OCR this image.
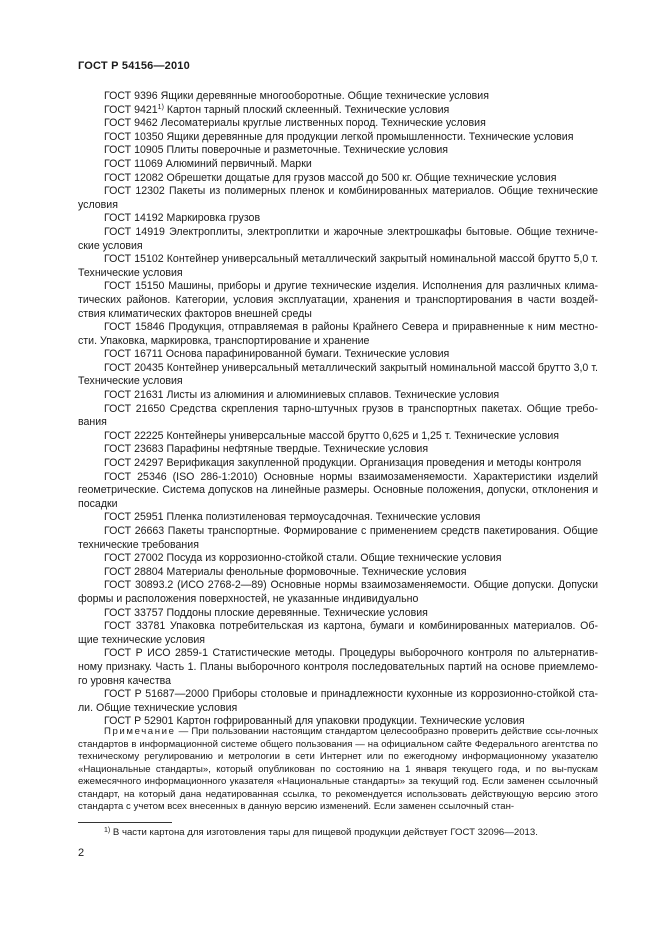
ГОСТ Р 54156—2010
ГОСТ 9396 Ящики деревянные многооборотные. Общие технические условия
ГОСТ 9421$^{1)}$ Картон тарный плоский склеенный. Технические условия
ГОСТ 9462 Лесоматериалы круглые лиственных пород. Технические условия
ГОСТ 10350 Ящики деревянные для продукции легкой промышленности. Технические условия
ГОСТ 10905 Плиты поверочные и разметочные. Технические условия
ГОСТ 11069 Алюминий первичный. Марки
ГОСТ 12082 Обрешетки дощатые для грузов массой до 500 кг. Общие технические условия
ГОСТ 12302 Пакеты из полимерных пленок и комбинированных материалов. Общие технические условия
ГОСТ 14192 Маркировка грузов
ГОСТ 14919 Электроплиты, электроплитки и жарочные электрошкафы бытовые. Общие техниче-ские условия
ГОСТ 15102 Контейнер универсальный металлический закрытый номинальной массой брутто 5,0 т. Технические условия
ГОСТ 15150 Машины, приборы и другие технические изделия. Исполнения для различных клима-тических районов. Категории, условия эксплуатации, хранения и транспортирования в части воздей-ствия климатических факторов внешней среды
ГОСТ 15846 Продукция, отправляемая в районы Крайнего Севера и приравненные к ним местно-сти. Упаковка, маркировка, транспортирование и хранение
ГОСТ 16711 Основа парафинированной бумаги. Технические условия
ГОСТ 20435 Контейнер универсальный металлический закрытый номинальной массой брутто 3,0 т. Технические условия
ГОСТ 21631 Листы из алюминия и алюминиевых сплавов. Технические условия
ГОСТ 21650 Средства скрепления тарно-штучных грузов в транспортных пакетах. Общие требо-вания
ГОСТ 22225 Контейнеры универсальные массой брутто 0,625 и 1,25 т. Технические условия
ГОСТ 23683 Парафины нефтяные твердые. Технические условия
ГОСТ 24297 Верификация закупленной продукции. Организация проведения и методы контроля
ГОСТ 25346 (ISO 286-1:2010) Основные нормы взаимозаменяемости. Характеристики изделий геометрические. Система допусков на линейные размеры. Основные положения, допуски, отклонения и посадки
ГОСТ 25951 Пленка полиэтиленовая термоусадочная. Технические условия
ГОСТ 26663 Пакеты транспортные. Формирование с применением средств пакетирования. Общие технические требования
ГОСТ 27002 Посуда из коррозионно-стойкой стали. Общие технические условия
ГОСТ 28804 Материалы фенольные формовочные. Технические условия
ГОСТ 30893.2 (ИСО 2768-2—89) Основные нормы взаимозаменяемости. Общие допуски. Допуски формы и расположения поверхностей, не указанные индивидуально
ГОСТ 33757 Поддоны плоские деревянные. Технические условия
ГОСТ 33781 Упаковка потребительская из картона, бумаги и комбинированных материалов. Об-щие технические условия
ГОСТ Р ИСО 2859-1 Статистические методы. Процедуры выборочного контроля по альтернатив-ному признаку. Часть 1. Планы выборочного контроля последовательных партий на основе приемлемо-го уровня качества
ГОСТ Р 51687—2000 Приборы столовые и принадлежности кухонные из коррозионно-стойкой ста-ли. Общие технические условия
ГОСТ Р 52901 Картон гофрированный для упаковки продукции. Технические условия
Примечание — При пользовании настоящим стандартом целесообразно проверить действие ссы-лочных стандартов в информационной системе общего пользования — на официальном сайте Федерального агентства по техническому регулированию и метрологии в сети Интернет или по ежегодному информационному указателю «Национальные стандарты», который опубликован по состоянию на 1 января текущего года, и по вы-пускам ежемесячного информационного указателя «Национальные стандарты» за текущий год. Если заменен ссылочный стандарт, на который дана недатированная ссылка, то рекомендуется использовать действующую версию этого стандарта с учетом всех внесенных в данную версию изменений. Если заменен ссылочный стан-
$^{1)}$ В части картона для изготовления тары для пищевой продукции действует ГОСТ 32096—2013.
2
